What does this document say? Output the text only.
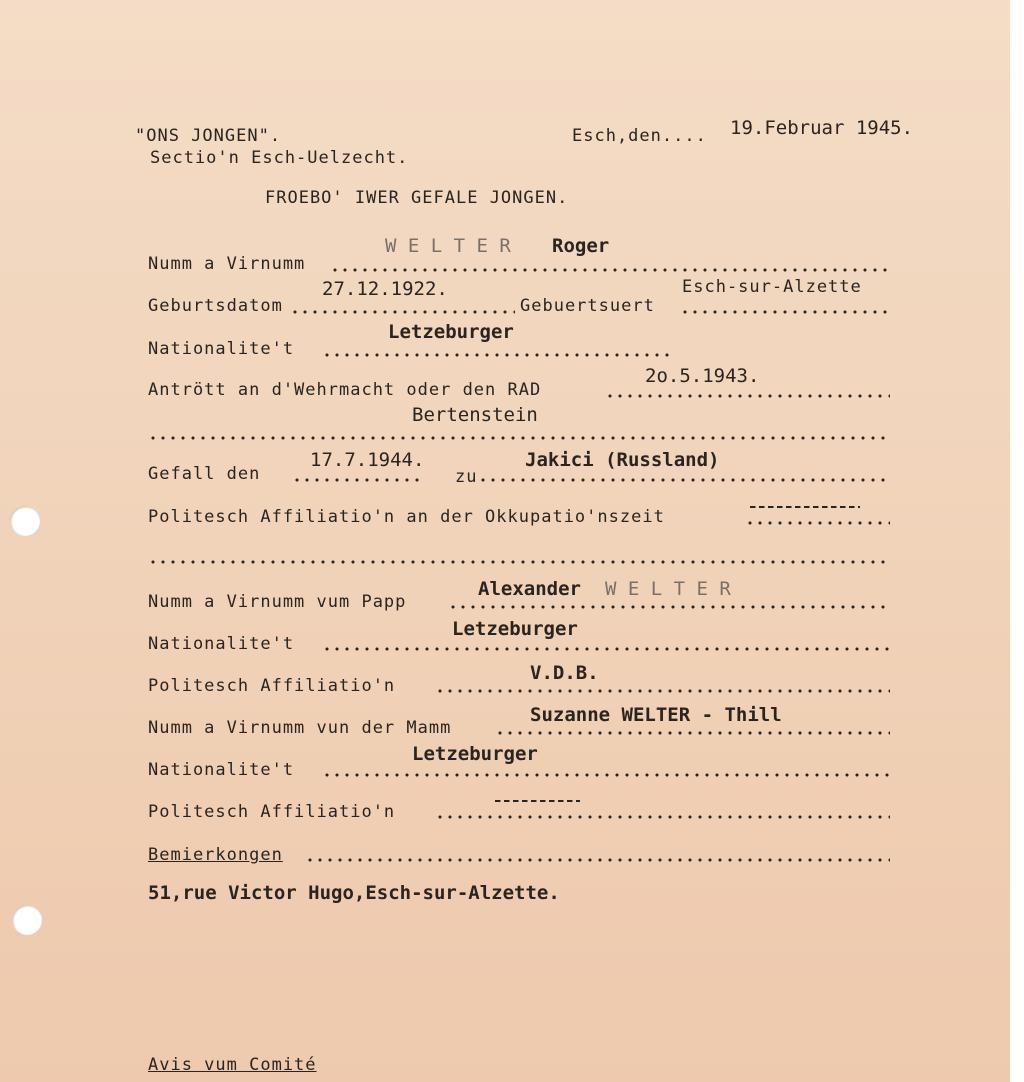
"ONS JONGEN".
Sectio'n Esch-Uelzecht.
Esch,den.... 19.Februar 1945.
FROEBO' IWER GEFALE JONGEN.
Numm a Virnumm
W E L T E R Roger
Geburtsdatom
27.12.1922.
Gebuertsuert
Esch-sur-Alzette
Nationalite't
Letzeburger
Antrött an d'Wehrmacht oder den RAD
2o.5.1943.
Bertenstein
Gefall den
17.7.1944.
zu
Jakici (Russland)
Politesch Affiliatio'n an der Okkupatio'nszeit
Numm a Virnumm vum Papp
Alexander W E L T E R
Nationalite't
Letzeburger
Politesch Affiliatio'n
V.D.B.
Numm a Virnumm vun der Mamm
Suzanne WELTER - Thill
Nationalite't
Letzeburger
Politesch Affiliatio'n
Bemierkongen
51,rue Victor Hugo,Esch-sur-Alzette.
Avis vum Comité
